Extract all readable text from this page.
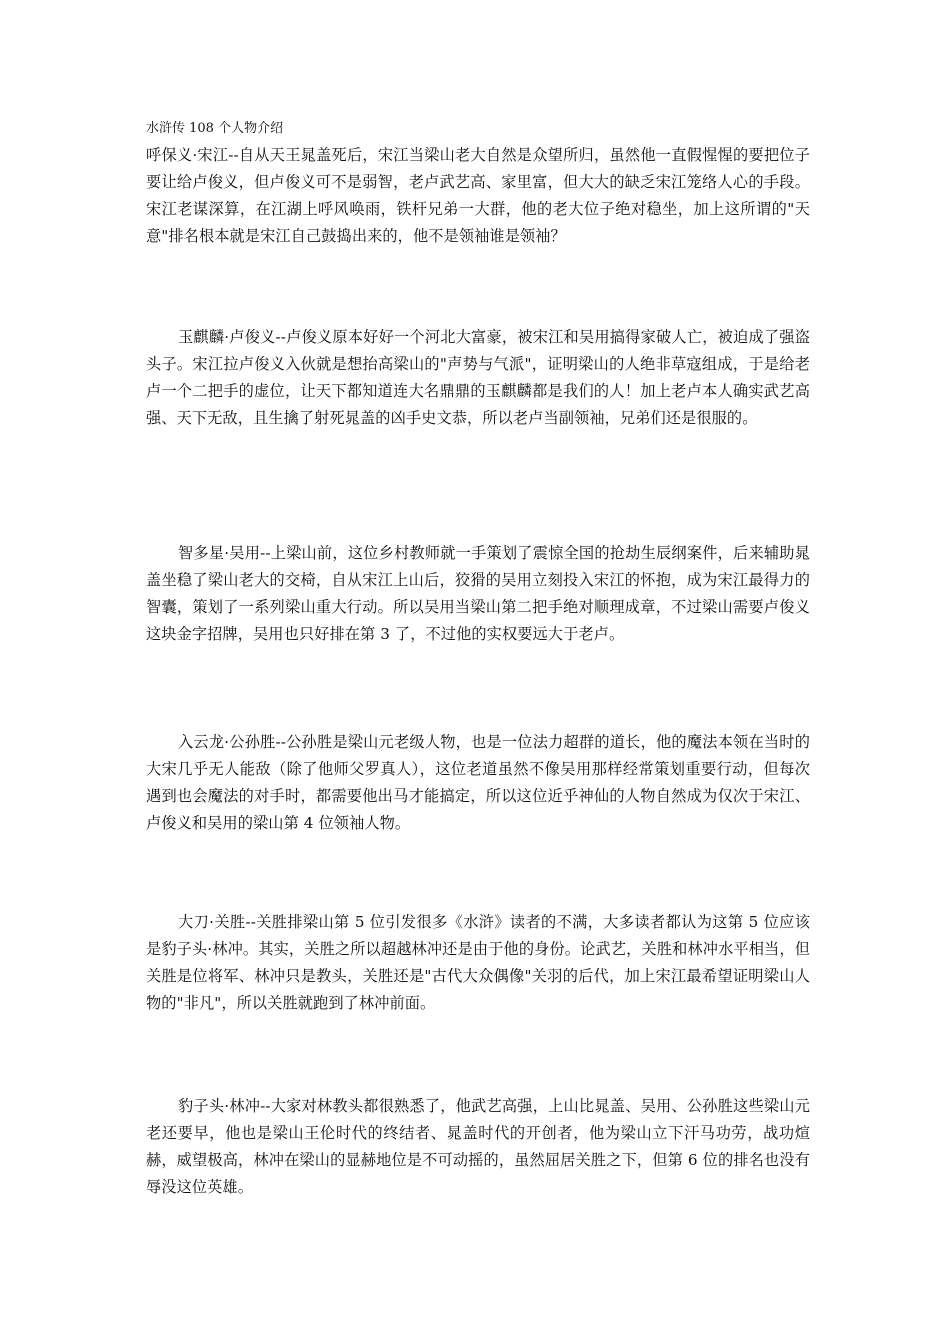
水浒传 108 个人物介绍

呼保义·宋江--自从天王晁盖死后，宋江当梁山老大自然是众望所归，虽然他一直假惺惺的要把位子要让给卢俊义，但卢俊义可不是弱智，老卢武艺高、家里富，但大大的缺乏宋江笼络人心的手段。宋江老谋深算，在江湖上呼风唤雨，铁杆兄弟一大群，他的老大位子绝对稳坐，加上这所谓的"天意"排名根本就是宋江自己鼓捣出来的，他不是领袖谁是领袖？

玉麒麟·卢俊义--卢俊义原本好好一个河北大富豪，被宋江和吴用搞得家破人亡，被迫成了强盗头子。宋江拉卢俊义入伙就是想抬高梁山的"声势与气派"，证明梁山的人绝非草寇组成，于是给老卢一个二把手的虚位，让天下都知道连大名鼎鼎的玉麒麟都是我们的人！加上老卢本人确实武艺高强、天下无敌，且生擒了射死晁盖的凶手史文恭，所以老卢当副领袖，兄弟们还是很服的。

智多星·吴用--上梁山前，这位乡村教师就一手策划了震惊全国的抢劫生辰纲案件，后来辅助晁盖坐稳了梁山老大的交椅，自从宋江上山后，狡猾的吴用立刻投入宋江的怀抱，成为宋江最得力的智囊，策划了一系列梁山重大行动。所以吴用当梁山第二把手绝对顺理成章，不过梁山需要卢俊义这块金字招牌，吴用也只好排在第 3 了，不过他的实权要远大于老卢。

入云龙·公孙胜--公孙胜是梁山元老级人物，也是一位法力超群的道长，他的魔法本领在当时的大宋几乎无人能敌（除了他师父罗真人），这位老道虽然不像吴用那样经常策划重要行动，但每次遇到也会魔法的对手时，都需要他出马才能搞定，所以这位近乎神仙的人物自然成为仅次于宋江、卢俊义和吴用的梁山第 4 位领袖人物。

大刀·关胜--关胜排梁山第 5 位引发很多《水浒》读者的不满，大多读者都认为这第 5 位应该是豹子头·林冲。其实，关胜之所以超越林冲还是由于他的身份。论武艺，关胜和林冲水平相当，但关胜是位将军、林冲只是教头，关胜还是"古代大众偶像"关羽的后代，加上宋江最希望证明梁山人物的"非凡"，所以关胜就跑到了林冲前面。

豹子头·林冲--大家对林教头都很熟悉了，他武艺高强，上山比晁盖、吴用、公孙胜这些梁山元老还要早，他也是梁山王伦时代的终结者、晁盖时代的开创者，他为梁山立下汗马功劳，战功煊赫，威望极高，林冲在梁山的显赫地位是不可动摇的，虽然屈居关胜之下，但第 6 位的排名也没有辱没这位英雄。
